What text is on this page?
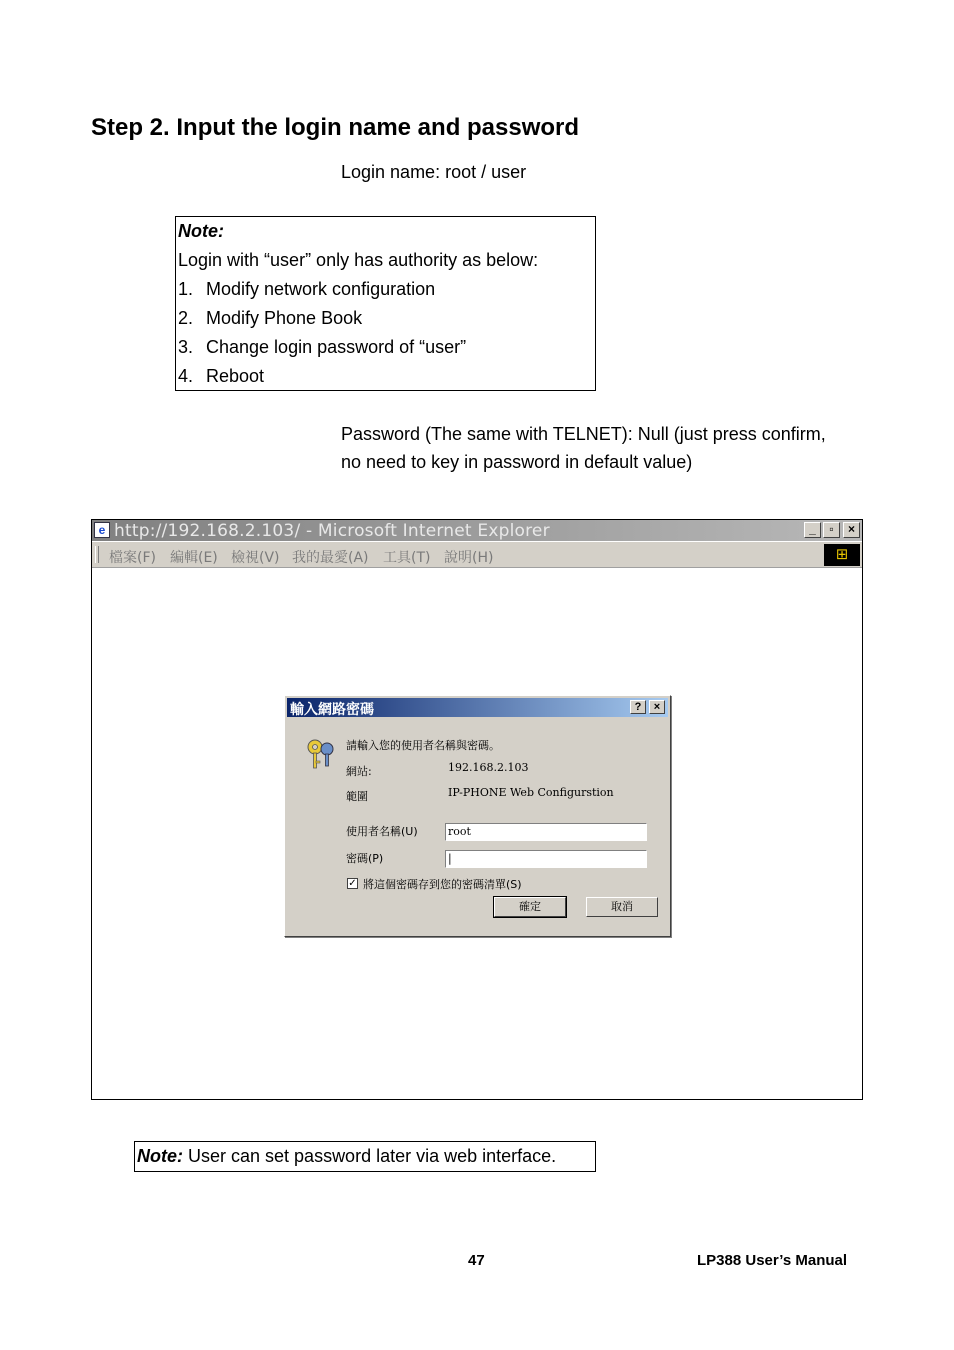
Step 2. Input the login name and password
Login name: root / user
Note:
Login with “user” only has authority as below:
1. Modify network configuration
2. Modify Phone Book
3. Change login password of “user”
4. Reboot
Password (The same with TELNET): Null (just press confirm,
no need to key in password in default value)
e http://192.168.2.103/ - Microsoft Internet Explorer	_	▫	×
檔案(F) 編輯(E) 檢視(V) 我的最愛(A) 工具(T) 說明(H)	⊞
輸入網路密碼	?	×
請輸入您的使用者名稱與密碼。
網站:	192.168.2.103
範圍	IP-PHONE Web Configurstion
使用者名稱(U)	root
密碼(P)	|
✓ 將這個密碼存到您的密碼清單(S)
確定	取消
Note: User can set password later via web interface.
47	LP388 User’s Manual
